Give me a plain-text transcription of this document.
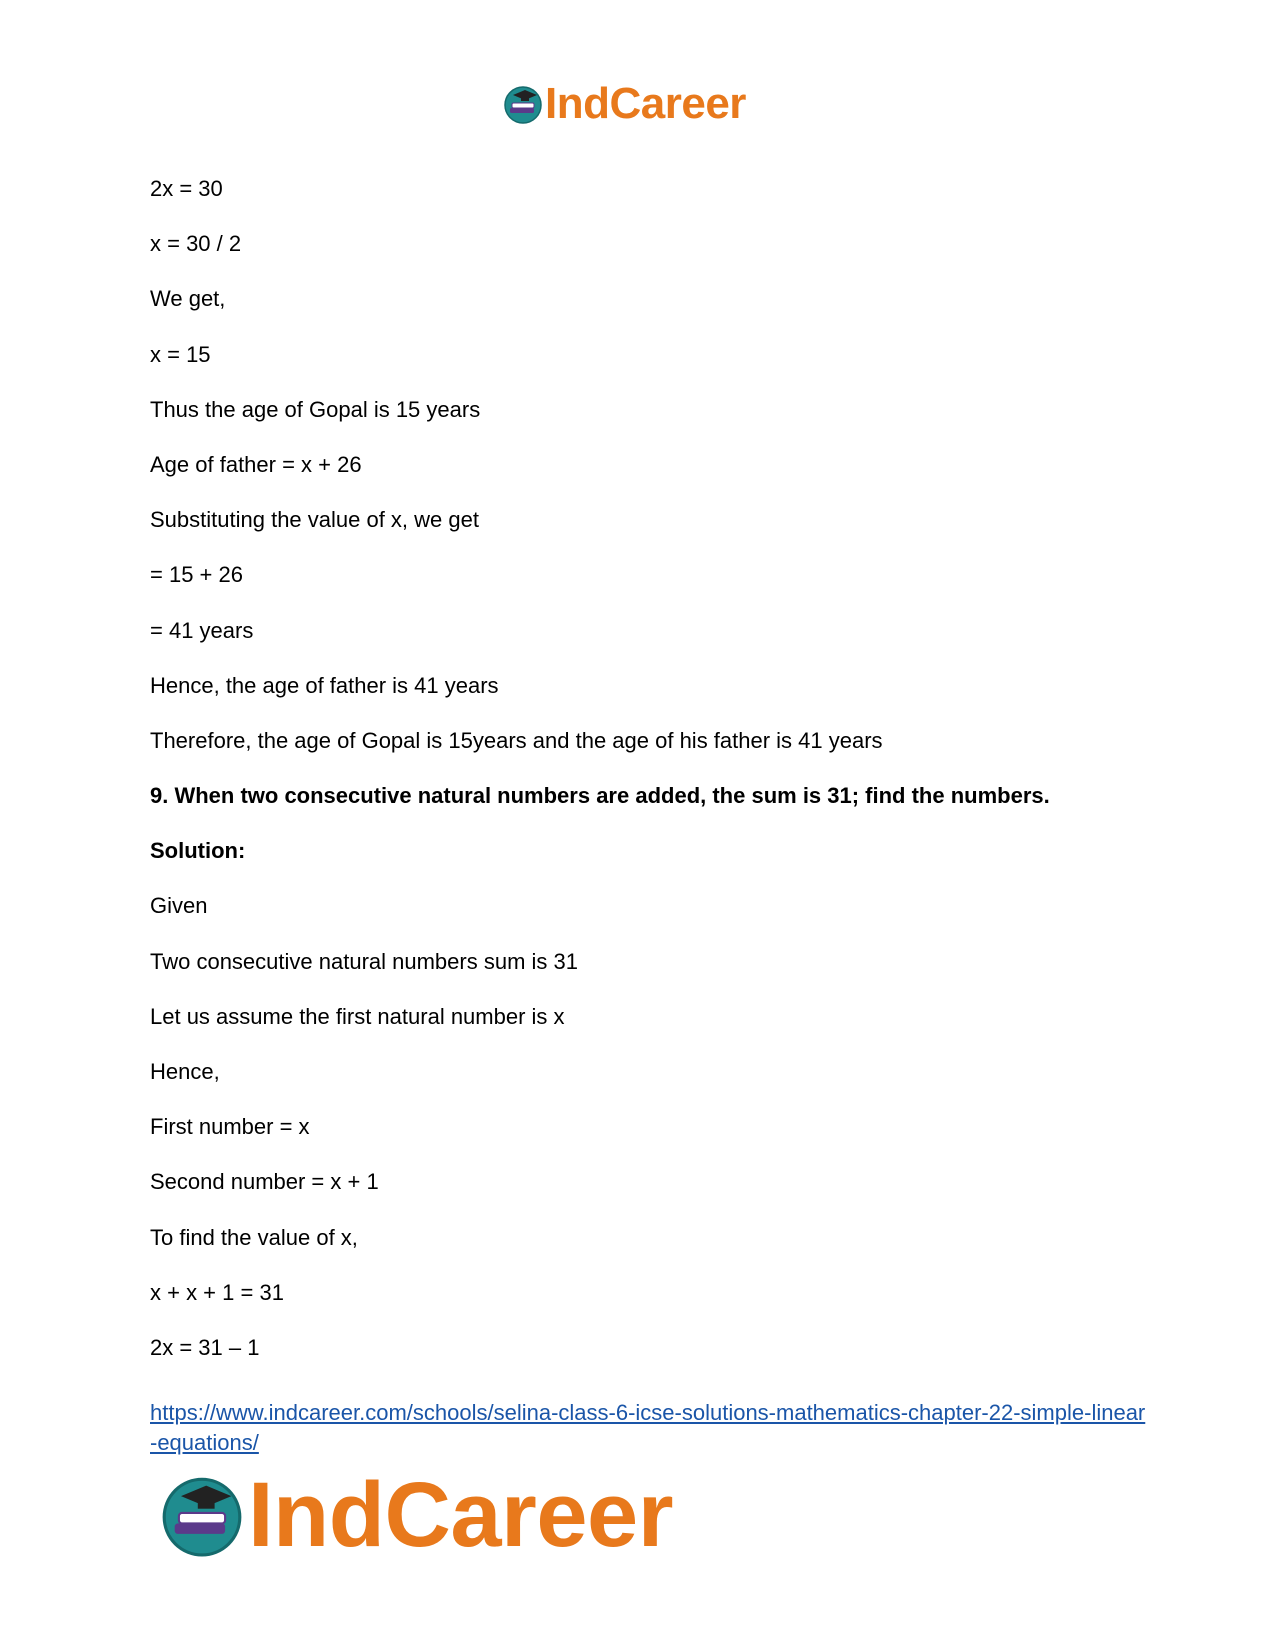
IndCareer
2x = 30
x = 30 / 2
We get,
x = 15
Thus the age of Gopal is 15 years
Age of father = x + 26
Substituting the value of x, we get
= 15 + 26
= 41 years
Hence, the age of father is 41 years
Therefore, the age of Gopal is 15years and the age of his father is 41 years
9. When two consecutive natural numbers are added, the sum is 31; find the numbers.
Solution:
Given
Two consecutive natural numbers sum is 31
Let us assume the first natural number is x
Hence,
First number = x
Second number = x + 1
To find the value of x,
x + x + 1 = 31
2x = 31 – 1
https://www.indcareer.com/schools/selina-class-6-icse-solutions-mathematics-chapter-22-simple-linear-equations/
IndCareer
